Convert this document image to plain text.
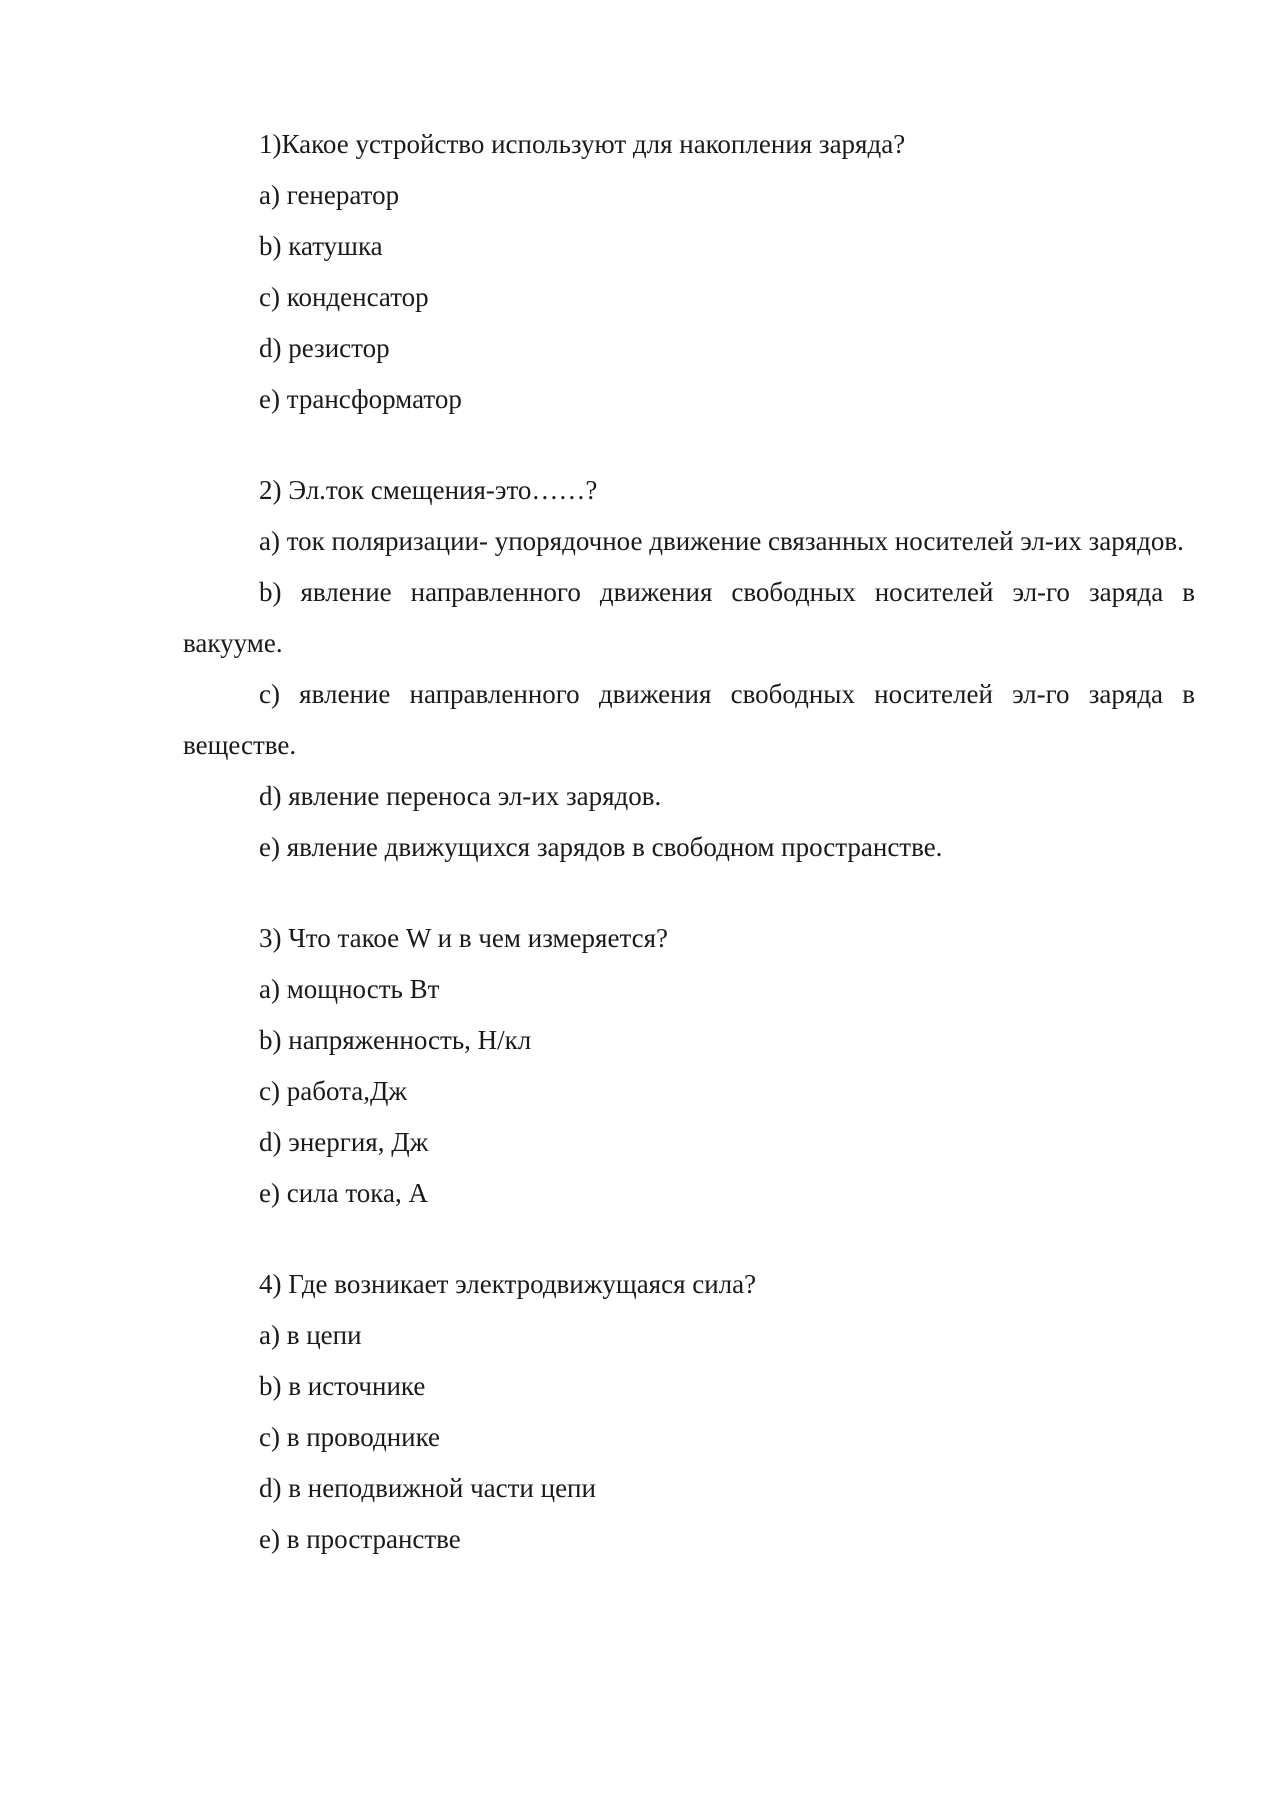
1)Какое устройство используют для накопления заряда?

a) генератор

b) катушка

c) конденсатор

d) резистор

e) трансформатор

2) Эл.ток смещения-это……?

a) ток поляризации- упорядочное движение связанных носителей эл-их зарядов.

b) явление направленного движения свободных носителей эл-го заряда в вакууме.

c) явление направленного движения свободных носителей эл-го заряда в веществе.

d) явление переноса эл-их зарядов.

e) явление движущихся зарядов в свободном пространстве.

3) Что такое W и в чем измеряется?

a) мощность Вт

b) напряженность, Н/кл

c) работа,Дж

d) энергия, Дж

e) сила тока, А

4) Где возникает электродвижущаяся сила?

a) в цепи

b) в источнике

c) в проводнике

d) в неподвижной части цепи

e) в пространстве
